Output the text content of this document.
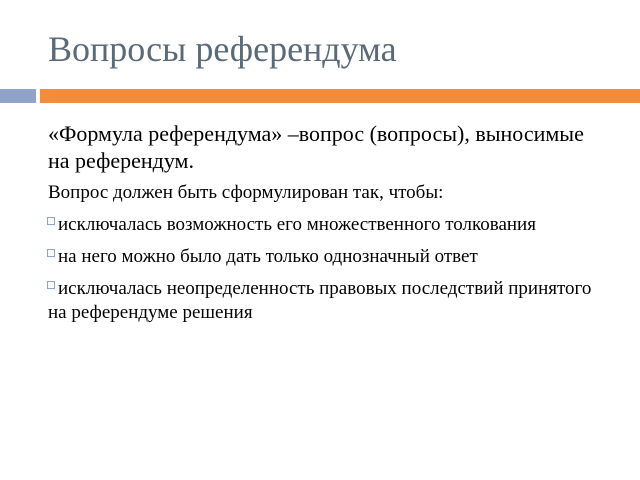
Вопросы референдума

«Формула референдума» –вопрос (вопросы), выносимые на референдум.

Вопрос должен быть сформулирован так, чтобы:

исключалась возможность его множественного толкования

на него можно было дать только однозначный ответ

исключалась неопределенность правовых последствий принятого на референдуме решения
